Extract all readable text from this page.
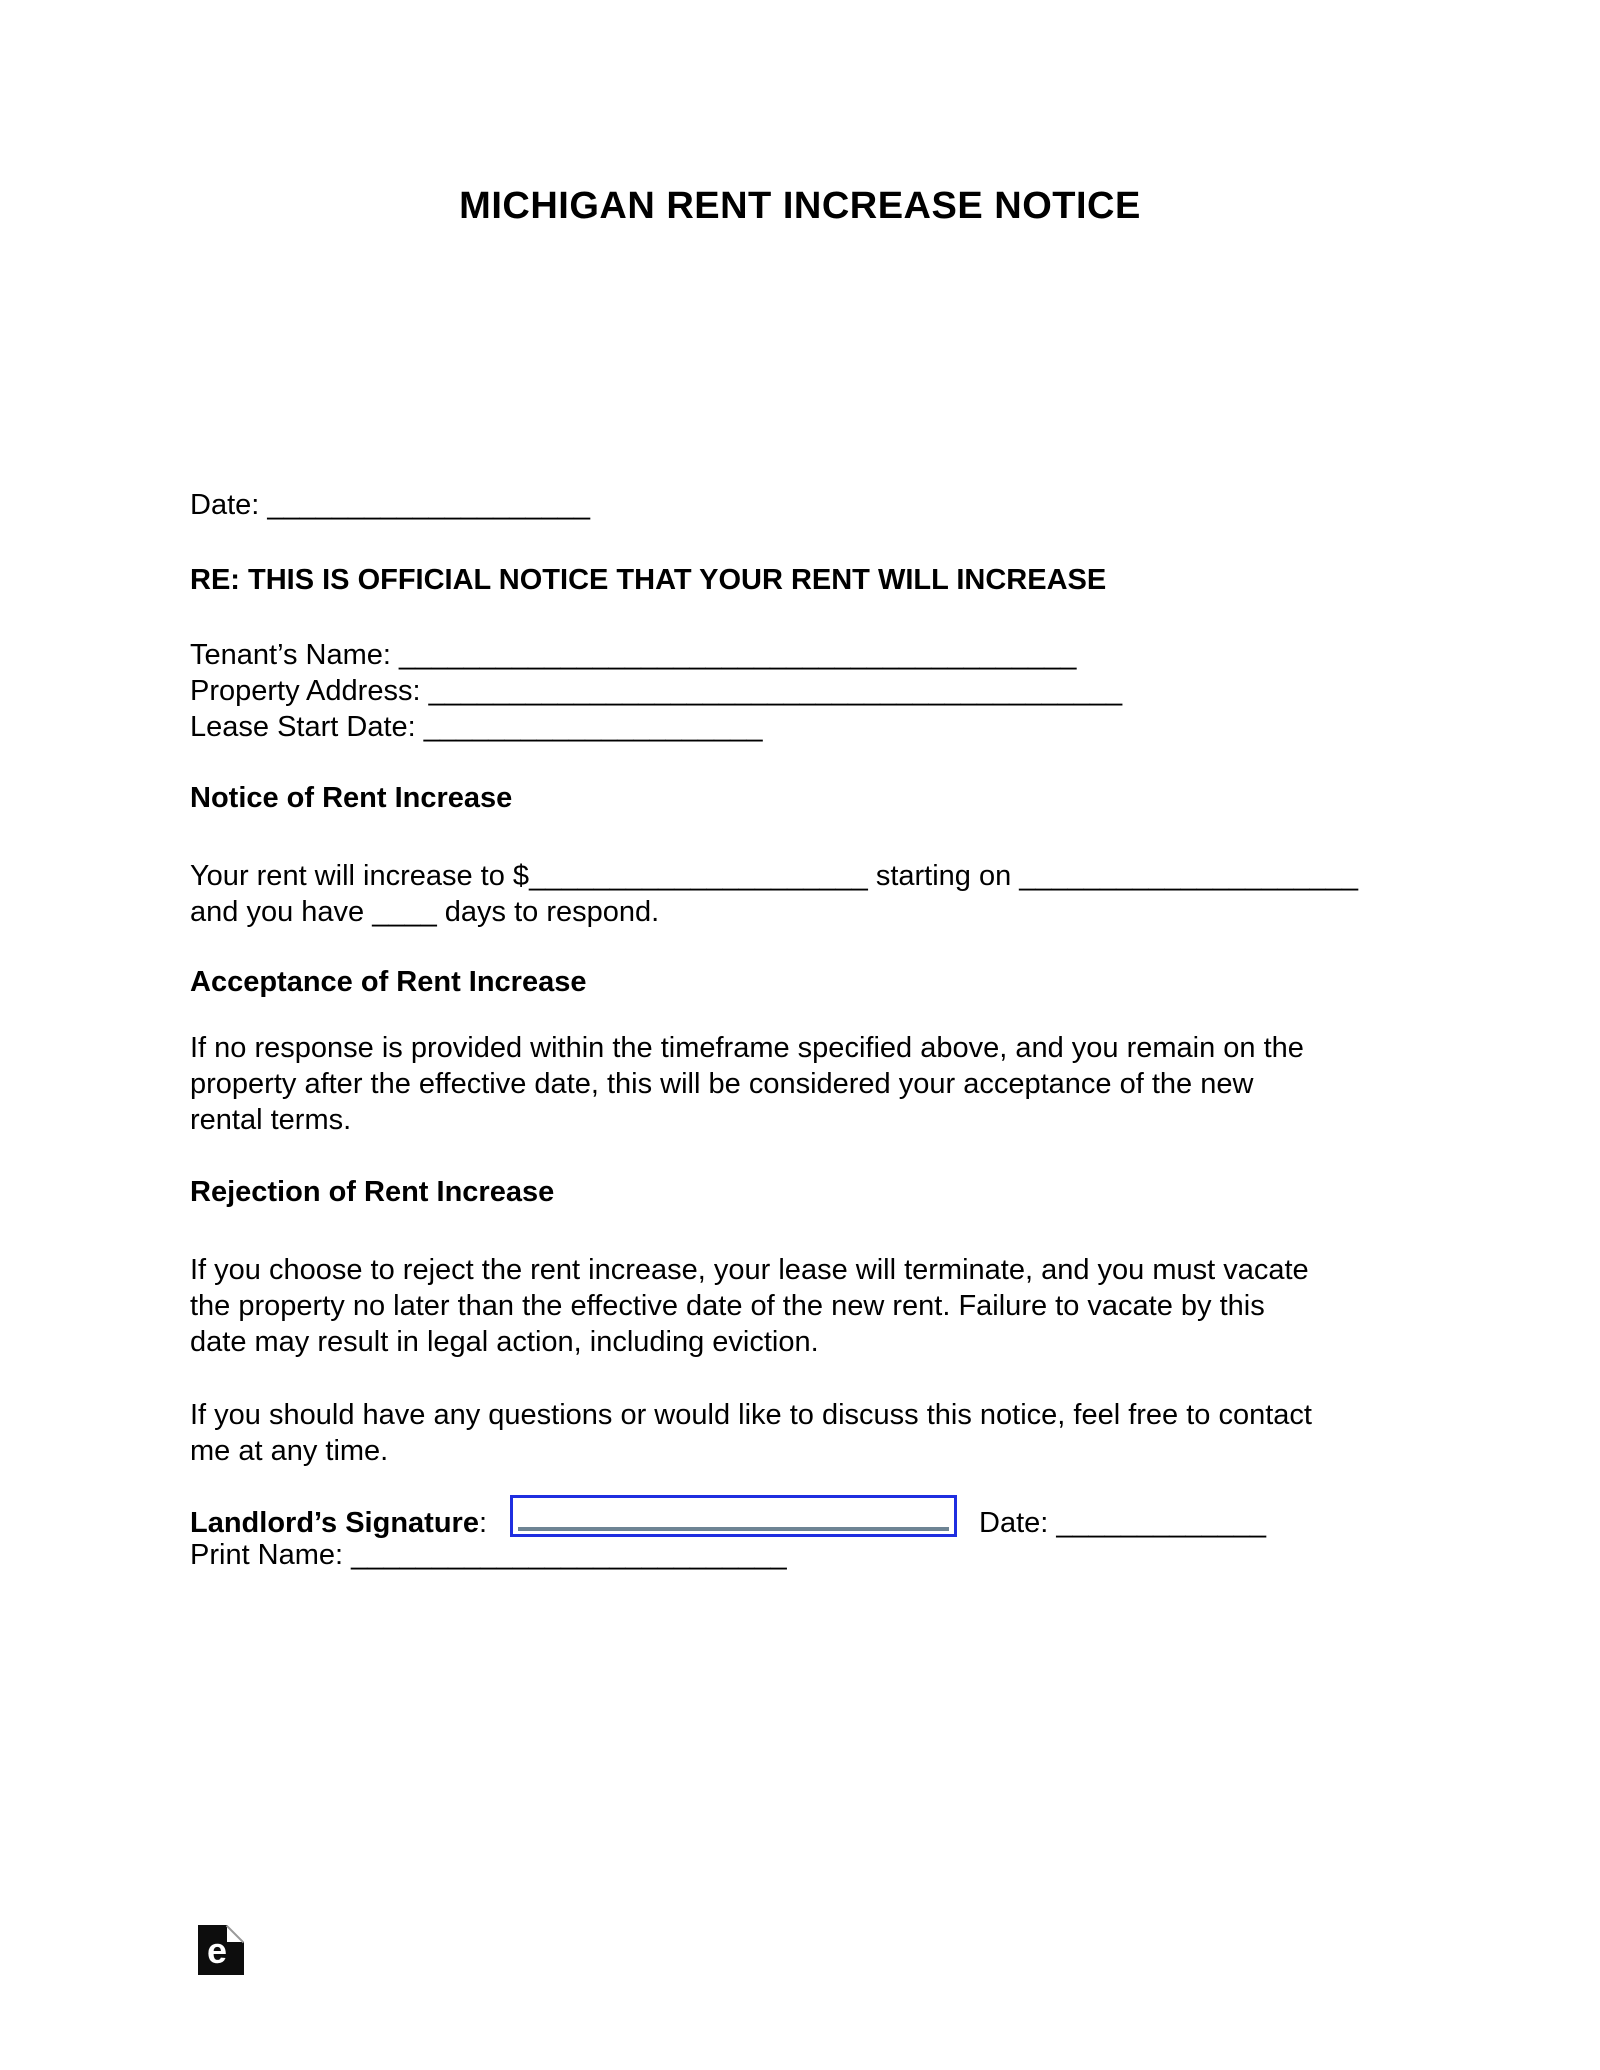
MICHIGAN RENT INCREASE NOTICE
Date: ____________________
RE: THIS IS OFFICIAL NOTICE THAT YOUR RENT WILL INCREASE
Tenant’s Name: __________________________________________
Property Address: ___________________________________________
Lease Start Date: _____________________
Notice of Rent Increase
Your rent will increase to $_____________________ starting on _____________________
and you have ____ days to respond.
Acceptance of Rent Increase
If no response is provided within the timeframe specified above, and you remain on the
property after the effective date, this will be considered your acceptance of the new
rental terms.
Rejection of Rent Increase
If you choose to reject the rent increase, your lease will terminate, and you must vacate
the property no later than the effective date of the new rent. Failure to vacate by this
date may result in legal action, including eviction.
If you should have any questions or would like to discuss this notice, feel free to contact
me at any time.
Landlord’s Signature:	Date: _____________
Print Name: ___________________________
e
